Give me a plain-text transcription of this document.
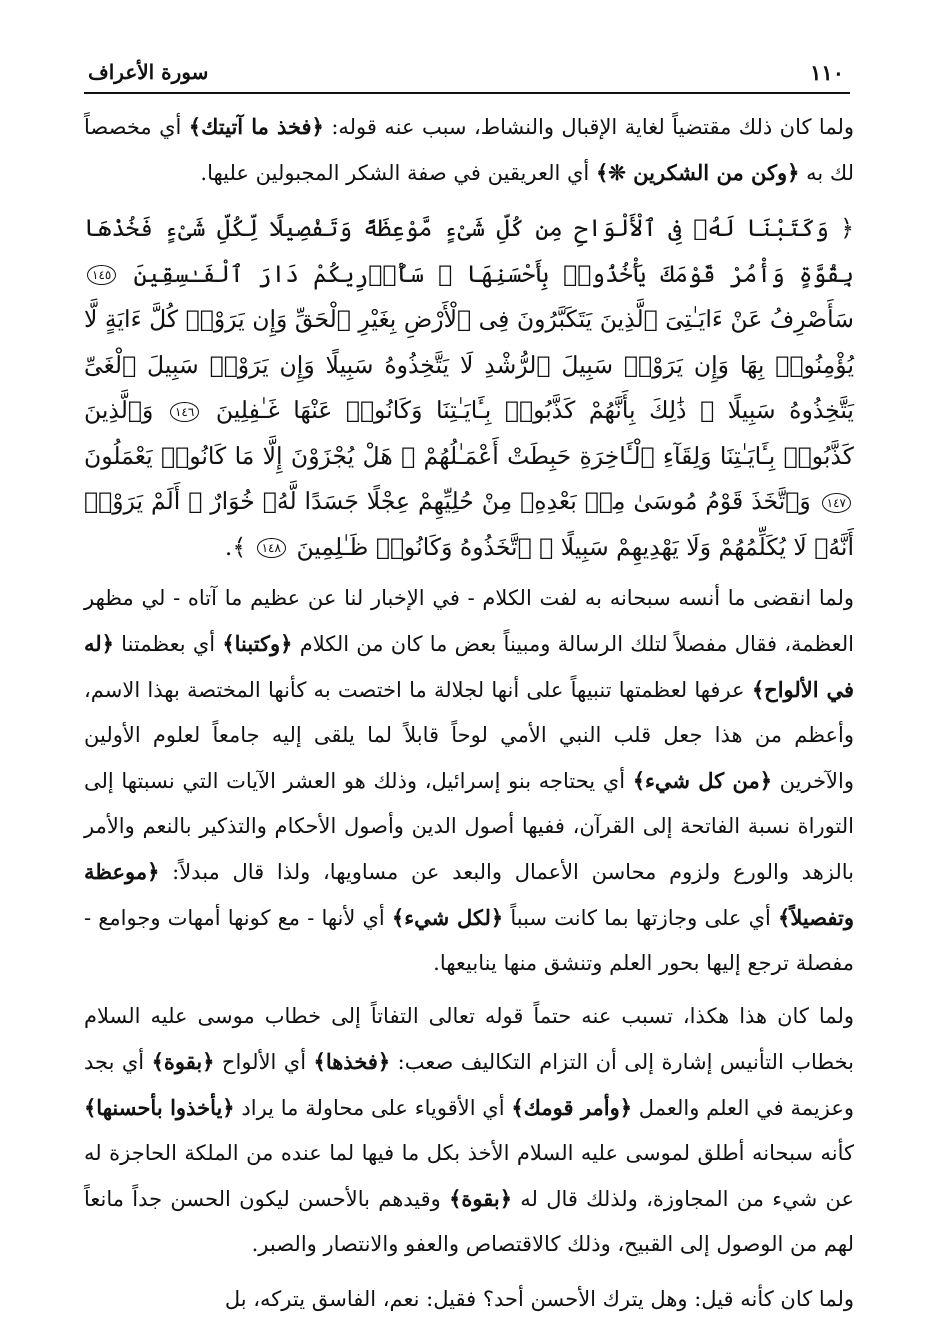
١١٠
سورة الأعراف

ولما كان ذلك مقتضياً لغاية الإقبال والنشاط، سبب عنه قوله: ﴿فخذ ما آتيتك﴾ أي مخصصاً لك به ﴿وكن من الشكرين ❊﴾ أي العريقين في صفة الشكر المجبولين عليها.

﴿ وَكَتَبْنَا لَهُۥ فِى ٱلْأَلْوَاحِ مِن كُلِّ شَىْءٍ مَّوْعِظَةً وَتَفْصِيلًا لِّكُلِّ شَىْءٍ فَخُذْهَا بِقُوَّةٍ وَأْمُرْ قَوْمَكَ يَأْخُذُوا۟ بِأَحْسَنِهَا ۚ سَأُو۟رِيكُمْ دَارَ ٱلْفَـٰسِقِينَ ١٤٥ سَأَصْرِفُ عَنْ ءَايَـٰتِىَ ٱلَّذِينَ يَتَكَبَّرُونَ فِى ٱلْأَرْضِ بِغَيْرِ ٱلْحَقِّ وَإِن يَرَوْا۟ كُلَّ ءَايَةٍ لَّا يُؤْمِنُوا۟ بِهَا وَإِن يَرَوْا۟ سَبِيلَ ٱلرُّشْدِ لَا يَتَّخِذُوهُ سَبِيلًا وَإِن يَرَوْا۟ سَبِيلَ ٱلْغَىِّ يَتَّخِذُوهُ سَبِيلًا ۚ ذَٰلِكَ بِأَنَّهُمْ كَذَّبُوا۟ بِـَٔايَـٰتِنَا وَكَانُوا۟ عَنْهَا غَـٰفِلِينَ ١٤٦ وَٱلَّذِينَ كَذَّبُوا۟ بِـَٔايَـٰتِنَا وَلِقَآءِ ٱلْـَٔاخِرَةِ حَبِطَتْ أَعْمَـٰلُهُمْ ۚ هَلْ يُجْزَوْنَ إِلَّا مَا كَانُوا۟ يَعْمَلُونَ ١٤٧ وَٱتَّخَذَ قَوْمُ مُوسَىٰ مِنۢ بَعْدِهِۦ مِنْ حُلِيِّهِمْ عِجْلًا جَسَدًا لَّهُۥ خُوَارٌ ۚ أَلَمْ يَرَوْا۟ أَنَّهُۥ لَا يُكَلِّمُهُمْ وَلَا يَهْدِيهِمْ سَبِيلًا ۘ ٱتَّخَذُوهُ وَكَانُوا۟ ظَـٰلِمِينَ ١٤٨ ﴾.

ولما انقضى ما أنسه سبحانه به لفت الكلام - في الإخبار لنا عن عظيم ما آتاه - لي مظهر العظمة، فقال مفصلاً لتلك الرسالة ومبيناً بعض ما كان من الكلام ﴿وكتبنا﴾ أي بعظمتنا ﴿له في الألواح﴾ عرفها لعظمتها تنبيهاً على أنها لجلالة ما اختصت به كأنها المختصة بهذا الاسم، وأعظم من هذا جعل قلب النبي الأمي لوحاً قابلاً لما يلقى إليه جامعاً لعلوم الأولين والآخرين ﴿من كل شيء﴾ أي يحتاجه بنو إسرائيل، وذلك هو العشر الآيات التي نسبتها إلى التوراة نسبة الفاتحة إلى القرآن، ففيها أصول الدين وأصول الأحكام والتذكير بالنعم والأمر بالزهد والورع ولزوم محاسن الأعمال والبعد عن مساويها، ولذا قال مبدلاً: ﴿موعظة وتفصيلاً﴾ أي على وجازتها بما كانت سبباً ﴿لكل شيء﴾ أي لأنها - مع كونها أمهات وجوامع - مفصلة ترجع إليها بحور العلم وتنشق منها ينابيعها.

ولما كان هذا هكذا، تسبب عنه حتماً قوله تعالى التفاتاً إلى خطاب موسى عليه السلام بخطاب التأنيس إشارة إلى أن التزام التكاليف صعب: ﴿فخذها﴾ أي الألواح ﴿بقوة﴾ أي بجد وعزيمة في العلم والعمل ﴿وأمر قومك﴾ أي الأقوياء على محاولة ما يراد ﴿يأخذوا بأحسنها﴾ كأنه سبحانه أطلق لموسى عليه السلام الأخذ بكل ما فيها لما عنده من الملكة الحاجزة له عن شيء من المجاوزة، ولذلك قال له ﴿بقوة﴾ وقيدهم بالأحسن ليكون الحسن جداً مانعاً لهم من الوصول إلى القبيح، وذلك كالاقتصاص والعفو والانتصار والصبر.

ولما كان كأنه قيل: وهل يترك الأحسن أحد؟ فقيل: نعم، الفاسق يتركه، بل
